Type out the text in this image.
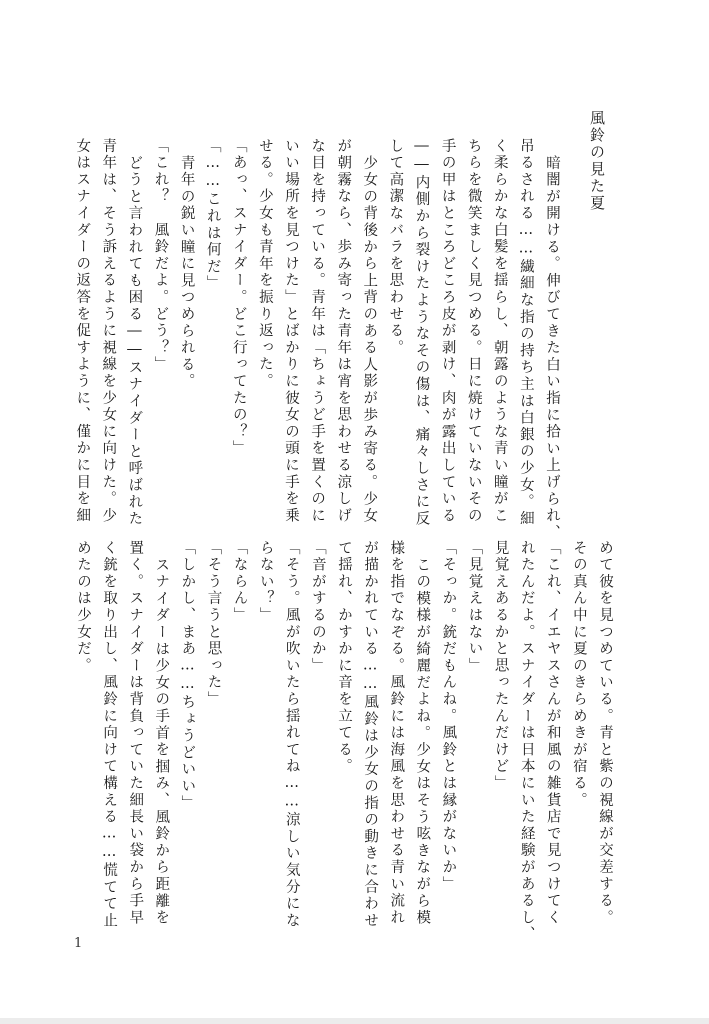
風鈴の見た夏
暗闇が開ける。伸びてきた白い指に拾い上げられ、
吊るされる……繊細な指の持ち主は白銀の少女。細
く柔らかな白髪を揺らし、朝露のような青い瞳がこ
ちらを微笑ましく見つめる。日に焼けていないその
手の甲はところどころ皮が剥け、肉が露出している
――内側から裂けたようなその傷は、痛々しさに反
して高潔なバラを思わせる。
少女の背後から上背のある人影が歩み寄る。少女
が朝霧なら、歩み寄った青年は宵を思わせる涼しげ
な目を持っている。青年は「ちょうど手を置くのに
いい場所を見つけた」とばかりに彼女の頭に手を乗
せる。少女も青年を振り返った。
「あっ、スナイダー。どこ行ってたの？」
「……これは何だ」
青年の鋭い瞳に見つめられる。
「これ？　風鈴だよ。どう？」
どうと言われても困る――スナイダーと呼ばれた
青年は、そう訴えるように視線を少女に向けた。少
女はスナイダーの返答を促すように、僅かに目を細
めて彼を見つめている。青と紫の視線が交差する。
その真ん中に夏のきらめきが宿る。
「これ、イエヤスさんが和風の雑貨店で見つけてく
れたんだよ。スナイダーは日本にいた経験があるし、
見覚えあるかと思ったんだけど」
「見覚えはない」
「そっか。銃だもんね。風鈴とは縁がないか」
この模様が綺麗だよね。少女はそう呟きながら模
様を指でなぞる。風鈴には海風を思わせる青い流れ
が描かれている……風鈴は少女の指の動きに合わせ
て揺れ、かすかに音を立てる。
「音がするのか」
「そう。風が吹いたら揺れてね……涼しい気分にな
らない？」
「ならん」
「そう言うと思った」
「しかし、まあ……ちょうどいい」
スナイダーは少女の手首を掴み、風鈴から距離を
置く。スナイダーは背負っていた細長い袋から手早
く銃を取り出し、風鈴に向けて構える……慌てて止
めたのは少女だ。
1
